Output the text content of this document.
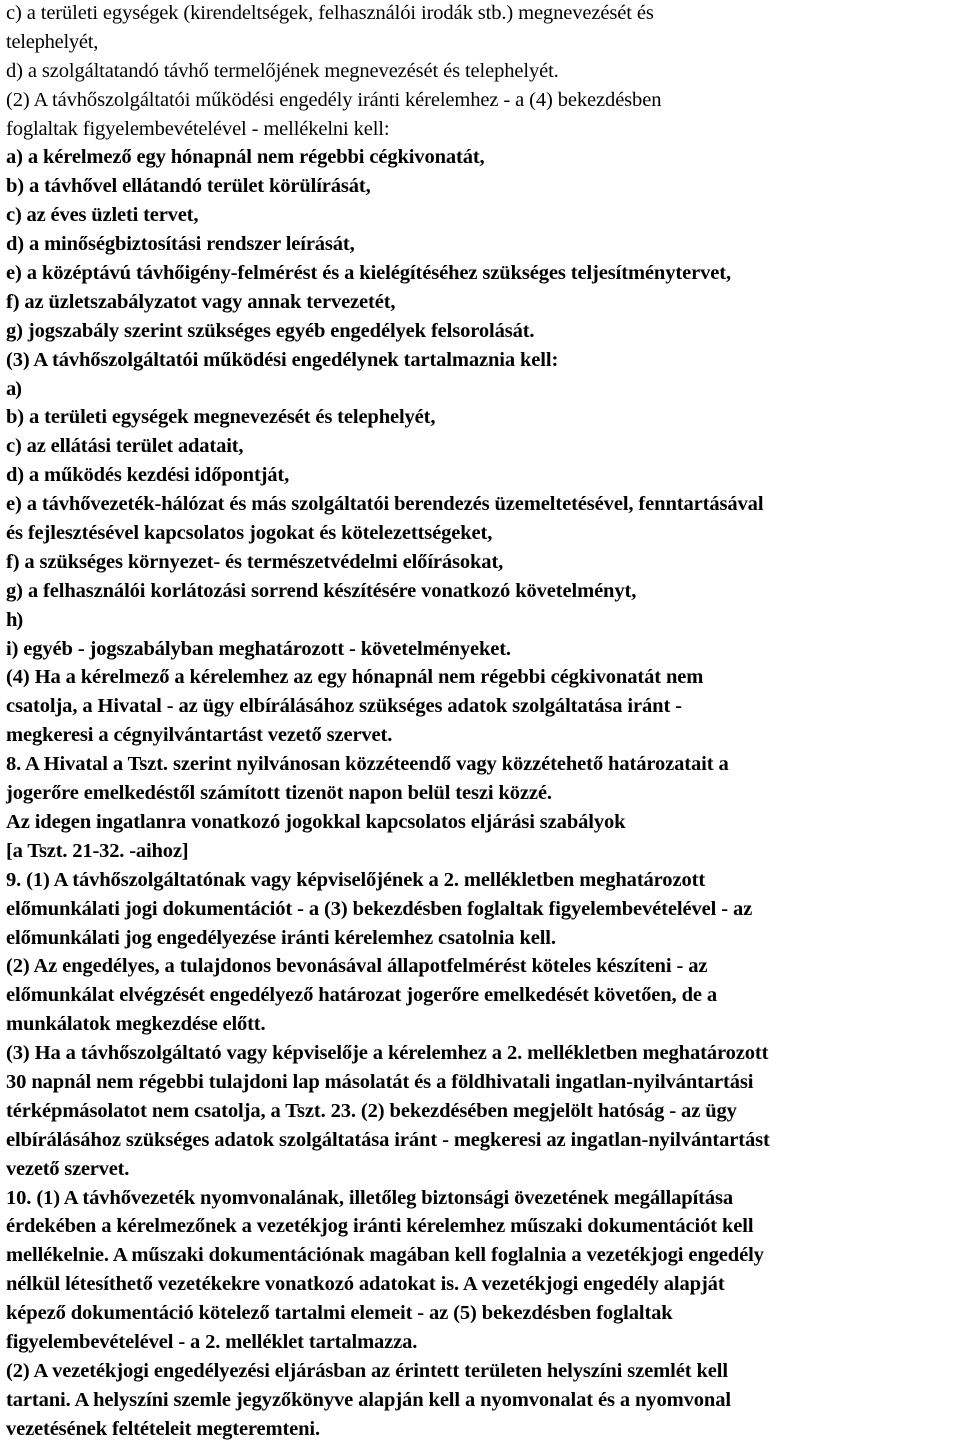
c) a területi egységek (kirendeltségek, felhasználói irodák stb.) megnevezését és
telephelyét,
d) a szolgáltatandó távhő termelőjének megnevezését és telephelyét.
(2) A távhőszolgáltatói működési engedély iránti kérelemhez - a (4) bekezdésben
foglaltak figyelembevételével - mellékelni kell:
a) a kérelmező egy hónapnál nem régebbi cégkivonatát,
b) a távhővel ellátandó terület körülírását,
c) az éves üzleti tervet,
d) a minőségbiztosítási rendszer leírását,
e) a középtávú távhőigény-felmérést és a kielégítéséhez szükséges teljesítménytervet,
f) az üzletszabályzatot vagy annak tervezetét,
g) jogszabály szerint szükséges egyéb engedélyek felsorolását.
(3) A távhőszolgáltatói működési engedélynek tartalmaznia kell:
a)
b) a területi egységek megnevezését és telephelyét,
c) az ellátási terület adatait,
d) a működés kezdési időpontját,
e) a távhővezeték-hálózat és más szolgáltatói berendezés üzemeltetésével, fenntartásával
és fejlesztésével kapcsolatos jogokat és kötelezettségeket,
f) a szükséges környezet- és természetvédelmi előírásokat,
g) a felhasználói korlátozási sorrend készítésére vonatkozó követelményt,
h)
i) egyéb - jogszabályban meghatározott - követelményeket.
(4) Ha a kérelmező a kérelemhez az egy hónapnál nem régebbi cégkivonatát nem
csatolja, a Hivatal - az ügy elbírálásához szükséges adatok szolgáltatása iránt -
megkeresi a cégnyilvántartást vezető szervet.
8. A Hivatal a Tszt. szerint nyilvánosan közzéteendő vagy közzétehető határozatait a
jogerőre emelkedéstől számított tizenöt napon belül teszi közzé.
Az idegen ingatlanra vonatkozó jogokkal kapcsolatos eljárási szabályok
[a Tszt. 21-32. -aihoz]
9. (1) A távhőszolgáltatónak vagy képviselőjének a 2. mellékletben meghatározott
előmunkálati jogi dokumentációt - a (3) bekezdésben foglaltak figyelembevételével - az
előmunkálati jog engedélyezése iránti kérelemhez csatolnia kell.
(2) Az engedélyes, a tulajdonos bevonásával állapotfelmérést köteles készíteni - az
előmunkálat elvégzését engedélyező határozat jogerőre emelkedését követően, de a
munkálatok megkezdése előtt.
(3) Ha a távhőszolgáltató vagy képviselője a kérelemhez a 2. mellékletben meghatározott
30 napnál nem régebbi tulajdoni lap másolatát és a földhivatali ingatlan-nyilvántartási
térképmásolatot nem csatolja, a Tszt. 23. (2) bekezdésében megjelölt hatóság - az ügy
elbírálásához szükséges adatok szolgáltatása iránt - megkeresi az ingatlan-nyilvántartást
vezető szervet.
10. (1) A távhővezeték nyomvonalának, illetőleg biztonsági övezetének megállapítása
érdekében a kérelmezőnek a vezetékjog iránti kérelemhez műszaki dokumentációt kell
mellékelnie. A műszaki dokumentációnak magában kell foglalnia a vezetékjogi engedély
nélkül létesíthető vezetékekre vonatkozó adatokat is. A vezetékjogi engedély alapját
képező dokumentáció kötelező tartalmi elemeit - az (5) bekezdésben foglaltak
figyelembevételével - a 2. melléklet tartalmazza.
(2) A vezetékjogi engedélyezési eljárásban az érintett területen helyszíni szemlét kell
tartani. A helyszíni szemle jegyzőkönyve alapján kell a nyomvonalat és a nyomvonal
vezetésének feltételeit megteremteni.
